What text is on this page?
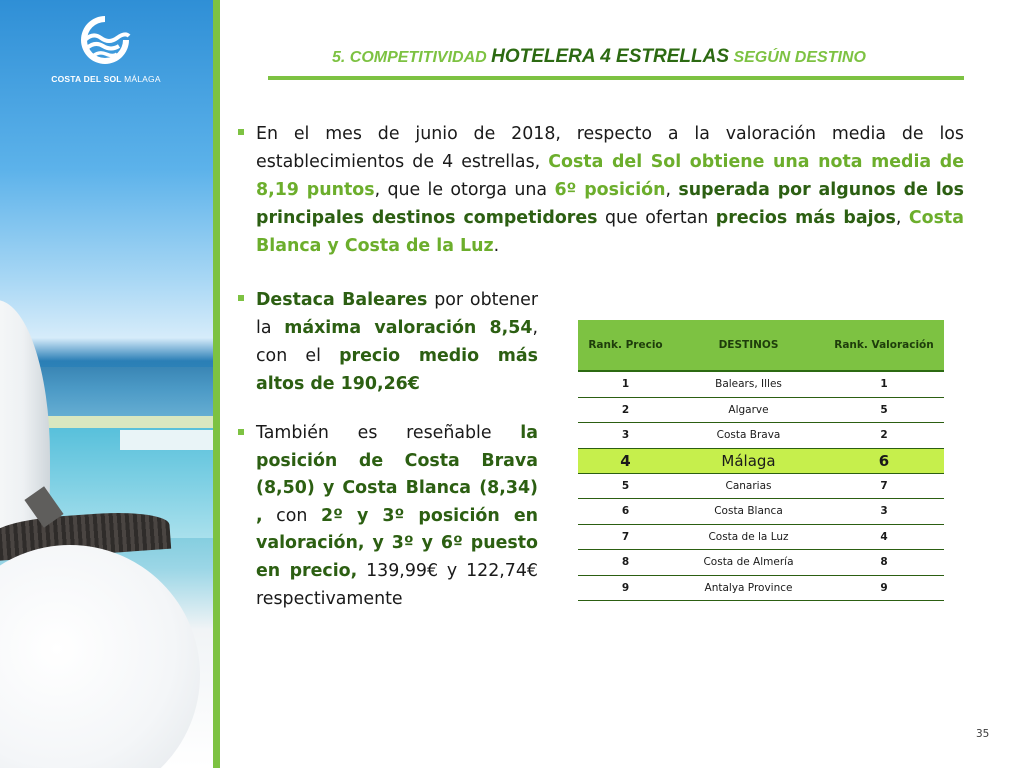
COSTA DEL SOL MÁLAGA
5. COMPETITIVIDAD HOTELERA 4 ESTRELLAS SEGÚN DESTINO
En el mes de junio de 2018, respecto a la valoración media de los establecimientos de 4 estrellas, Costa del Sol obtiene una nota media de 8,19 puntos, que le otorga una 6º posición, superada por algunos de los principales destinos competidores que ofertan precios más bajos, Costa Blanca y Costa de la Luz.
Destaca Baleares por obtener la máxima valoración 8,54, con el precio medio más altos de 190,26€
También es reseñable la posición de Costa Brava (8,50) y Costa Blanca (8,34) , con 2º y 3º posición en valoración, y 3º y 6º puesto en precio, 139,99€ y 122,74€ respectivamente
Rank. Precio	DESTINOS	Rank. Valoración
1	Balears, Illes	1
2	Algarve	5
3	Costa Brava	2
4	Málaga	6
5	Canarias	7
6	Costa Blanca	3
7	Costa de la Luz	4
8	Costa de Almería	8
9	Antalya Province	9
35
